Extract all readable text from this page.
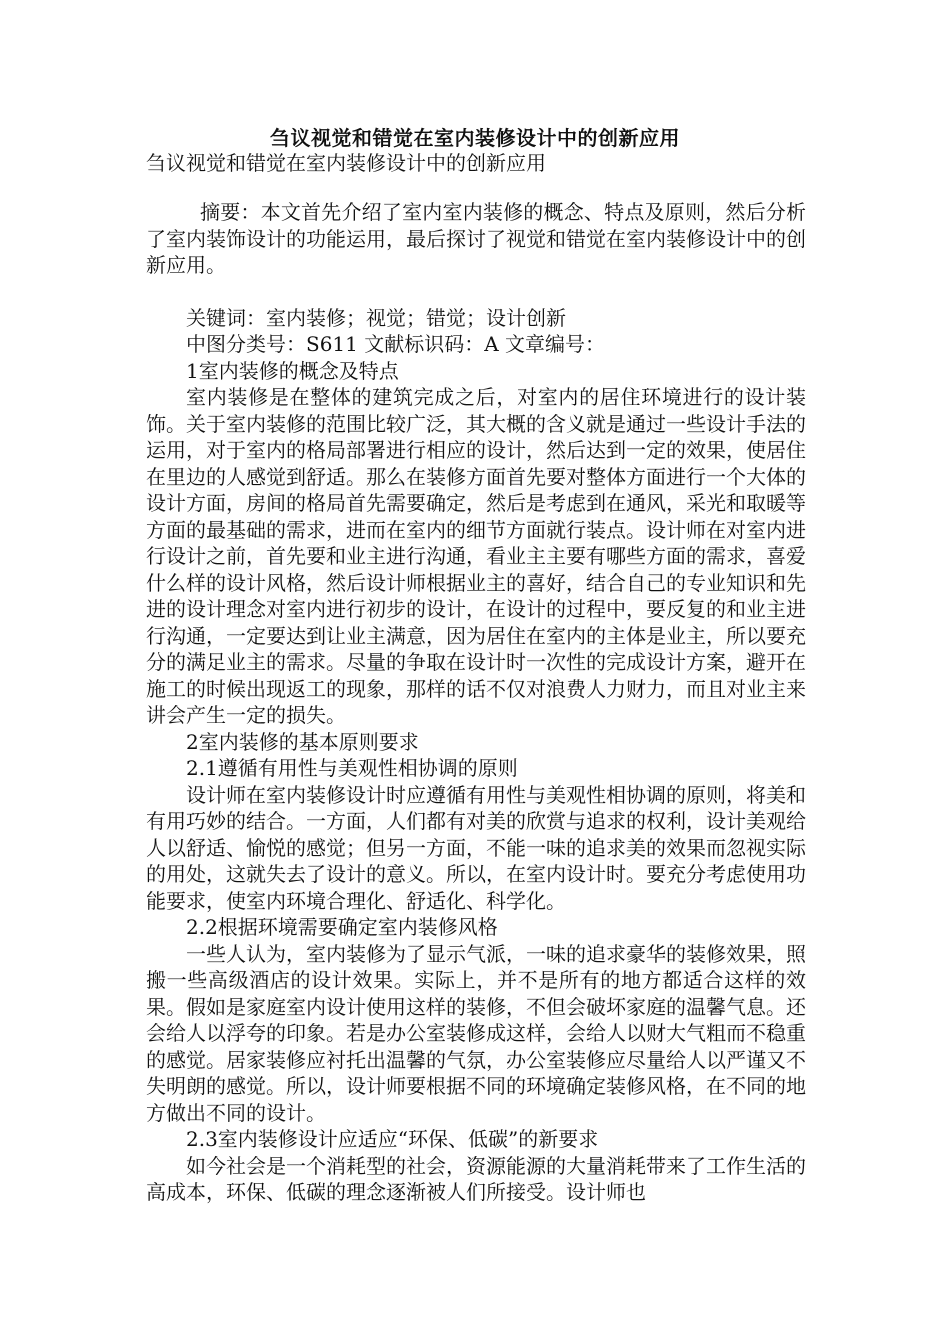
刍议视觉和错觉在室内装修设计中的创新应用
刍议视觉和错觉在室内装修设计中的创新应用

摘要：本文首先介绍了室内室内装修的概念、特点及原则，然后分析了室内装饰设计的功能运用，最后探讨了视觉和错觉在室内装修设计中的创新应用。

关键词：室内装修；视觉；错觉；设计创新

中图分类号：S611 文献标识码：A 文章编号：

1室内装修的概念及特点

室内装修是在整体的建筑完成之后，对室内的居住环境进行的设计装饰。关于室内装修的范围比较广泛，其大概的含义就是通过一些设计手法的运用，对于室内的格局部署进行相应的设计，然后达到一定的效果，使居住在里边的人感觉到舒适。那么在装修方面首先要对整体方面进行一个大体的设计方面，房间的格局首先需要确定，然后是考虑到在通风，采光和取暖等方面的最基础的需求，进而在室内的细节方面就行装点。设计师在对室内进行设计之前，首先要和业主进行沟通，看业主主要有哪些方面的需求，喜爱什么样的设计风格，然后设计师根据业主的喜好，结合自己的专业知识和先进的设计理念对室内进行初步的设计，在设计的过程中，要反复的和业主进行沟通，一定要达到让业主满意，因为居住在室内的主体是业主，所以要充分的满足业主的需求。尽量的争取在设计时一次性的完成设计方案，避开在施工的时候出现返工的现象，那样的话不仅对浪费人力财力，而且对业主来讲会产生一定的损失。

2室内装修的基本原则要求

2.1遵循有用性与美观性相协调的原则

设计师在室内装修设计时应遵循有用性与美观性相协调的原则，将美和有用巧妙的结合。一方面，人们都有对美的欣赏与追求的权利，设计美观给人以舒适、愉悦的感觉；但另一方面，不能一味的追求美的效果而忽视实际的用处，这就失去了设计的意义。所以，在室内设计时。要充分考虑使用功能要求，使室内环境合理化、舒适化、科学化。

2.2根据环境需要确定室内装修风格

一些人认为，室内装修为了显示气派，一味的追求豪华的装修效果，照搬一些高级酒店的设计效果。实际上，并不是所有的地方都适合这样的效果。假如是家庭室内设计使用这样的装修，不但会破坏家庭的温馨气息。还会给人以浮夸的印象。若是办公室装修成这样，会给人以财大气粗而不稳重的感觉。居家装修应衬托出温馨的气氛，办公室装修应尽量给人以严谨又不失明朗的感觉。所以，设计师要根据不同的环境确定装修风格，在不同的地方做出不同的设计。

2.3室内装修设计应适应“环保、低碳”的新要求

如今社会是一个消耗型的社会，资源能源的大量消耗带来了工作生活的高成本，环保、低碳的理念逐渐被人们所接受。设计师也
